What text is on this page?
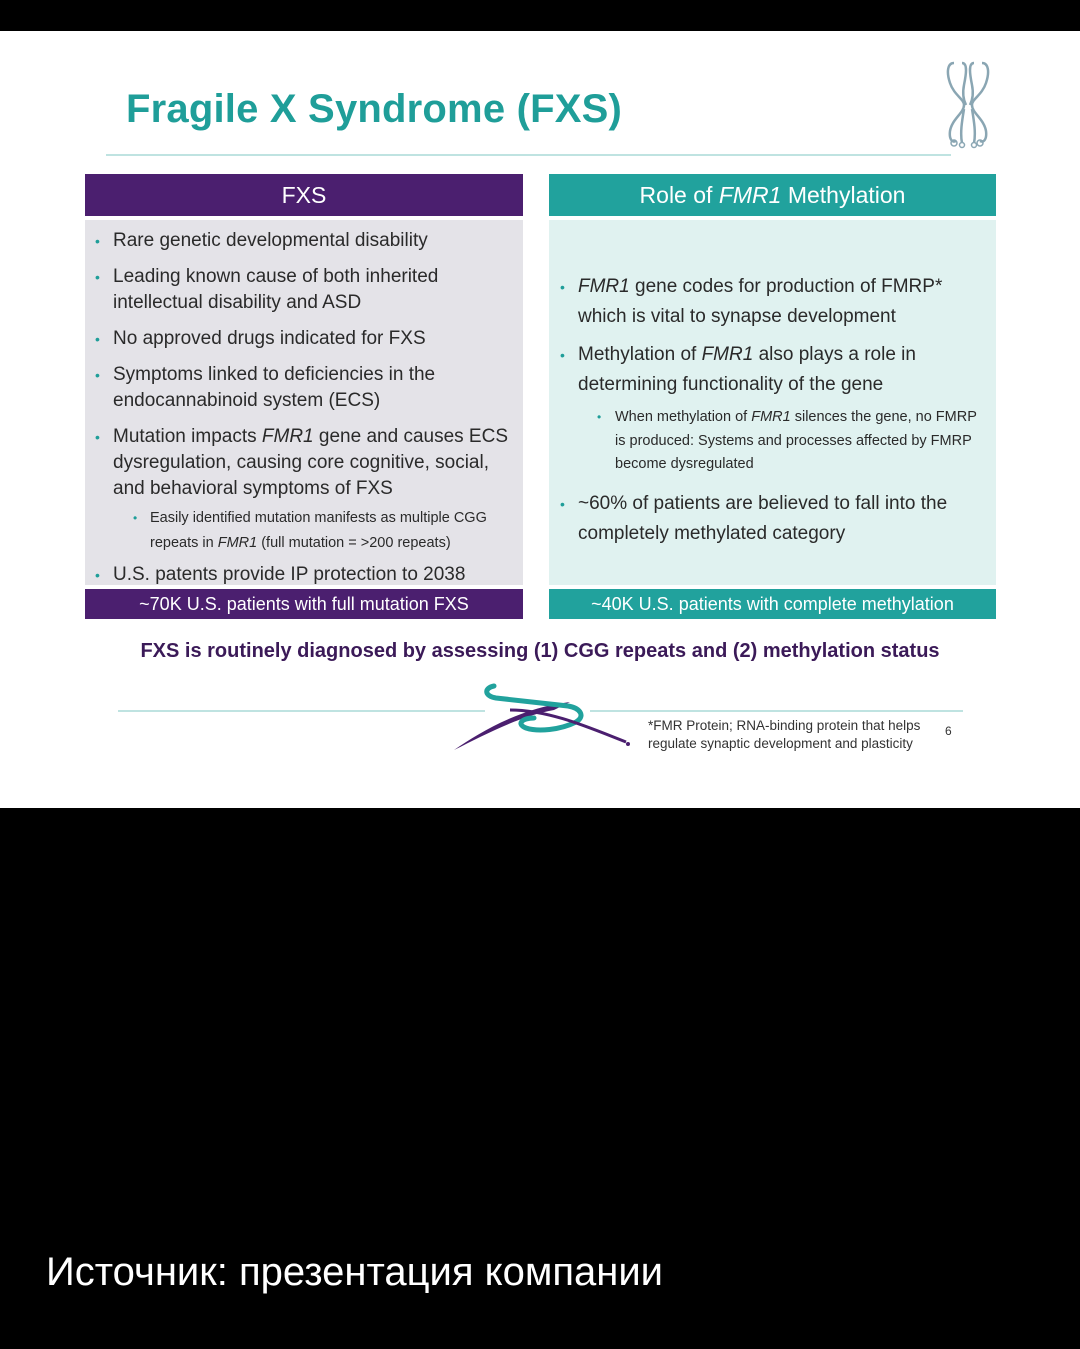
Fragile X Syndrome (FXS)
FXS
• Rare genetic developmental disability
• Leading known cause of both inherited intellectual disability and ASD
• No approved drugs indicated for FXS
• Symptoms linked to deficiencies in the endocannabinoid system (ECS)
• Mutation impacts FMR1 gene and causes ECS dysregulation, causing core cognitive, social, and behavioral symptoms of FXS
• Easily identified mutation manifests as multiple CGG repeats in FMR1 (full mutation = >200 repeats)
• U.S. patents provide IP protection to 2038
~70K U.S. patients with full mutation FXS
Role of FMR1 Methylation
• FMR1 gene codes for production of FMRP* which is vital to synapse development
• Methylation of FMR1 also plays a role in determining functionality of the gene
• When methylation of FMR1 silences the gene, no FMRP is produced: Systems and processes affected by FMRP become dysregulated
• ~60% of patients are believed to fall into the completely methylated category
~40K U.S. patients with complete methylation
FXS is routinely diagnosed by assessing (1) CGG repeats and (2) methylation status
*FMR Protein; RNA-binding protein that helps
regulate synaptic development and plasticity
6
Источник: презентация компании
